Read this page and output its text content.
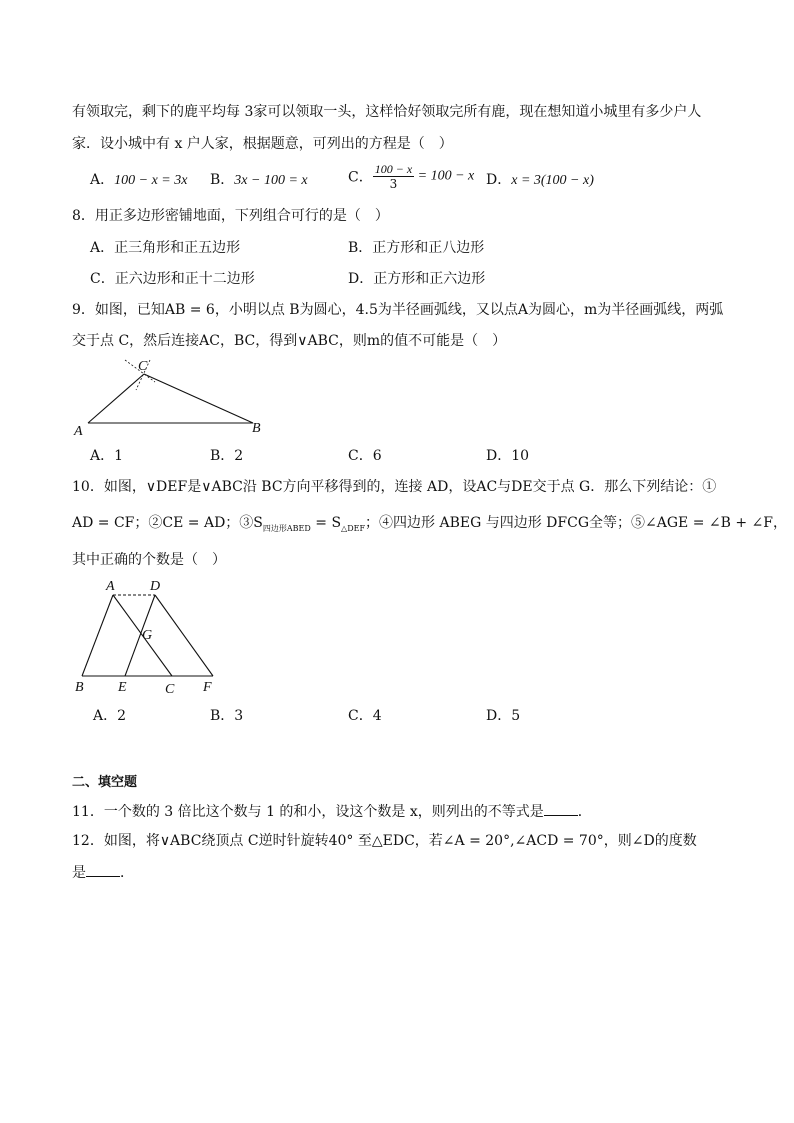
有领取完，剩下的鹿平均每 3家可以领取一头，这样恰好领取完所有鹿，现在想知道小城里有多少户人
家．设小城中有 x 户人家，根据题意，可列出的方程是（　）
A．100 − x = 3x B．3x − 100 = x	C． $\frac{100 - x}{3} = 100 - x$ D．x = 3(100 − x)
8．用正多边形密铺地面，下列组合可行的是（　）
A．正三角形和正五边形	B．正方形和正八边形
C．正六边形和正十二边形	D．正方形和正六边形
9．如图，已知AB = 6，小明以点 B为圆心，4.5为半径画弧线，又以点A为圆心，m为半径画弧线，两弧
交于点 C，然后连接AC，BC，得到∨ABC，则m的值不可能是（　）
C
A	B
A．1	B．2	C．6	D．10
10．如图，∨DEF是∨ABC沿 BC方向平移得到的，连接 AD，设AC与DE交于点 G．那么下列结论：①
AD = CF；②CE = AD；$③S_{四边形ABED} = S_{\triangle DEF}$；④四边形 ABEG 与四边形 DFCG全等；⑤∠AGE = ∠B + ∠F，
其中正确的个数是（　）
A	D
G
B E	C F
A．2	B．3	C．4	D．5
二、填空题
11．一个数的 3 倍比这个数与 1 的和小，设这个数是 x，则列出的不等式是 ．
12．如图，将∨ABC绕顶点 C逆时针旋转40° 至△EDC，若∠A = 20°,∠ACD = 70°，则∠D的度数
是 ．
